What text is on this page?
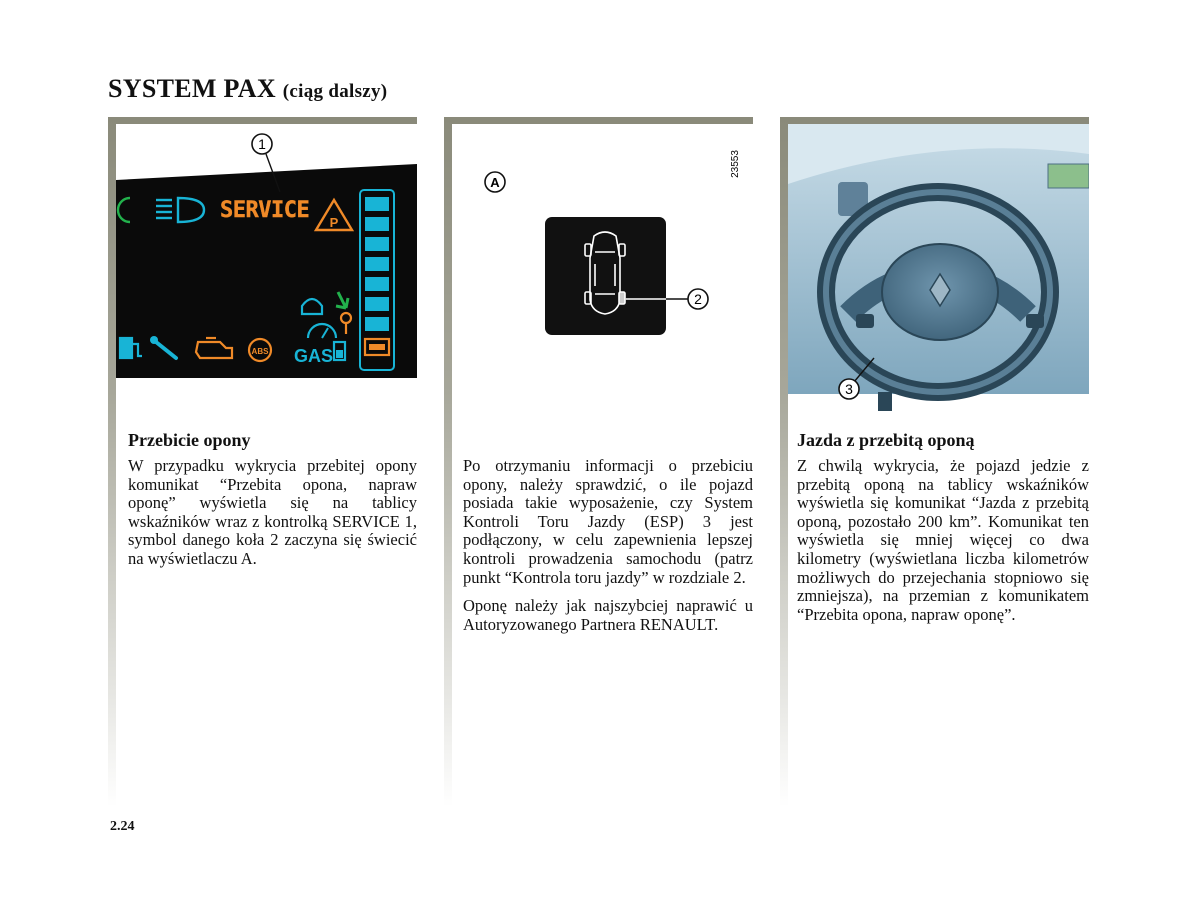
SYSTEM PAX (ciąg dalszy)
1
SERVICE P
ABS GAS
Przebicie opony

W przypadku wykrycia przebitej opony komunikat “Przebita opona, napraw oponę” wyświetla się na tablicy wskaźników wraz z kontrolką SERVICE 1, symbol danego koła 2 zaczyna się świecić na wyświetlaczu A.

23553
A
2

Po otrzymaniu informacji o przebiciu opony, należy sprawdzić, o ile pojazd posiada takie wyposażenie, czy System Kontroli Toru Jazdy (ESP) 3 jest podłączony, w celu zapewnienia lepszej kontroli prowadzenia samochodu (patrz punkt “Kontrola toru jazdy” w rozdziale 2.

Oponę należy jak najszybciej naprawić u Autoryzowanego Partnera RENAULT.

3
Jazda z przebitą oponą

Z chwilą wykrycia, że pojazd jedzie z przebitą oponą na tablicy wskaźników wyświetla się komunikat “Jazda z przebitą oponą, pozostało 200 km”. Komunikat ten wyświetla się mniej więcej co dwa kilometry (wyświetlana liczba kilometrów możliwych do przejechania stopniowo się zmniejsza), na przemian z komunikatem “Przebita opona, napraw oponę”.

2.24
